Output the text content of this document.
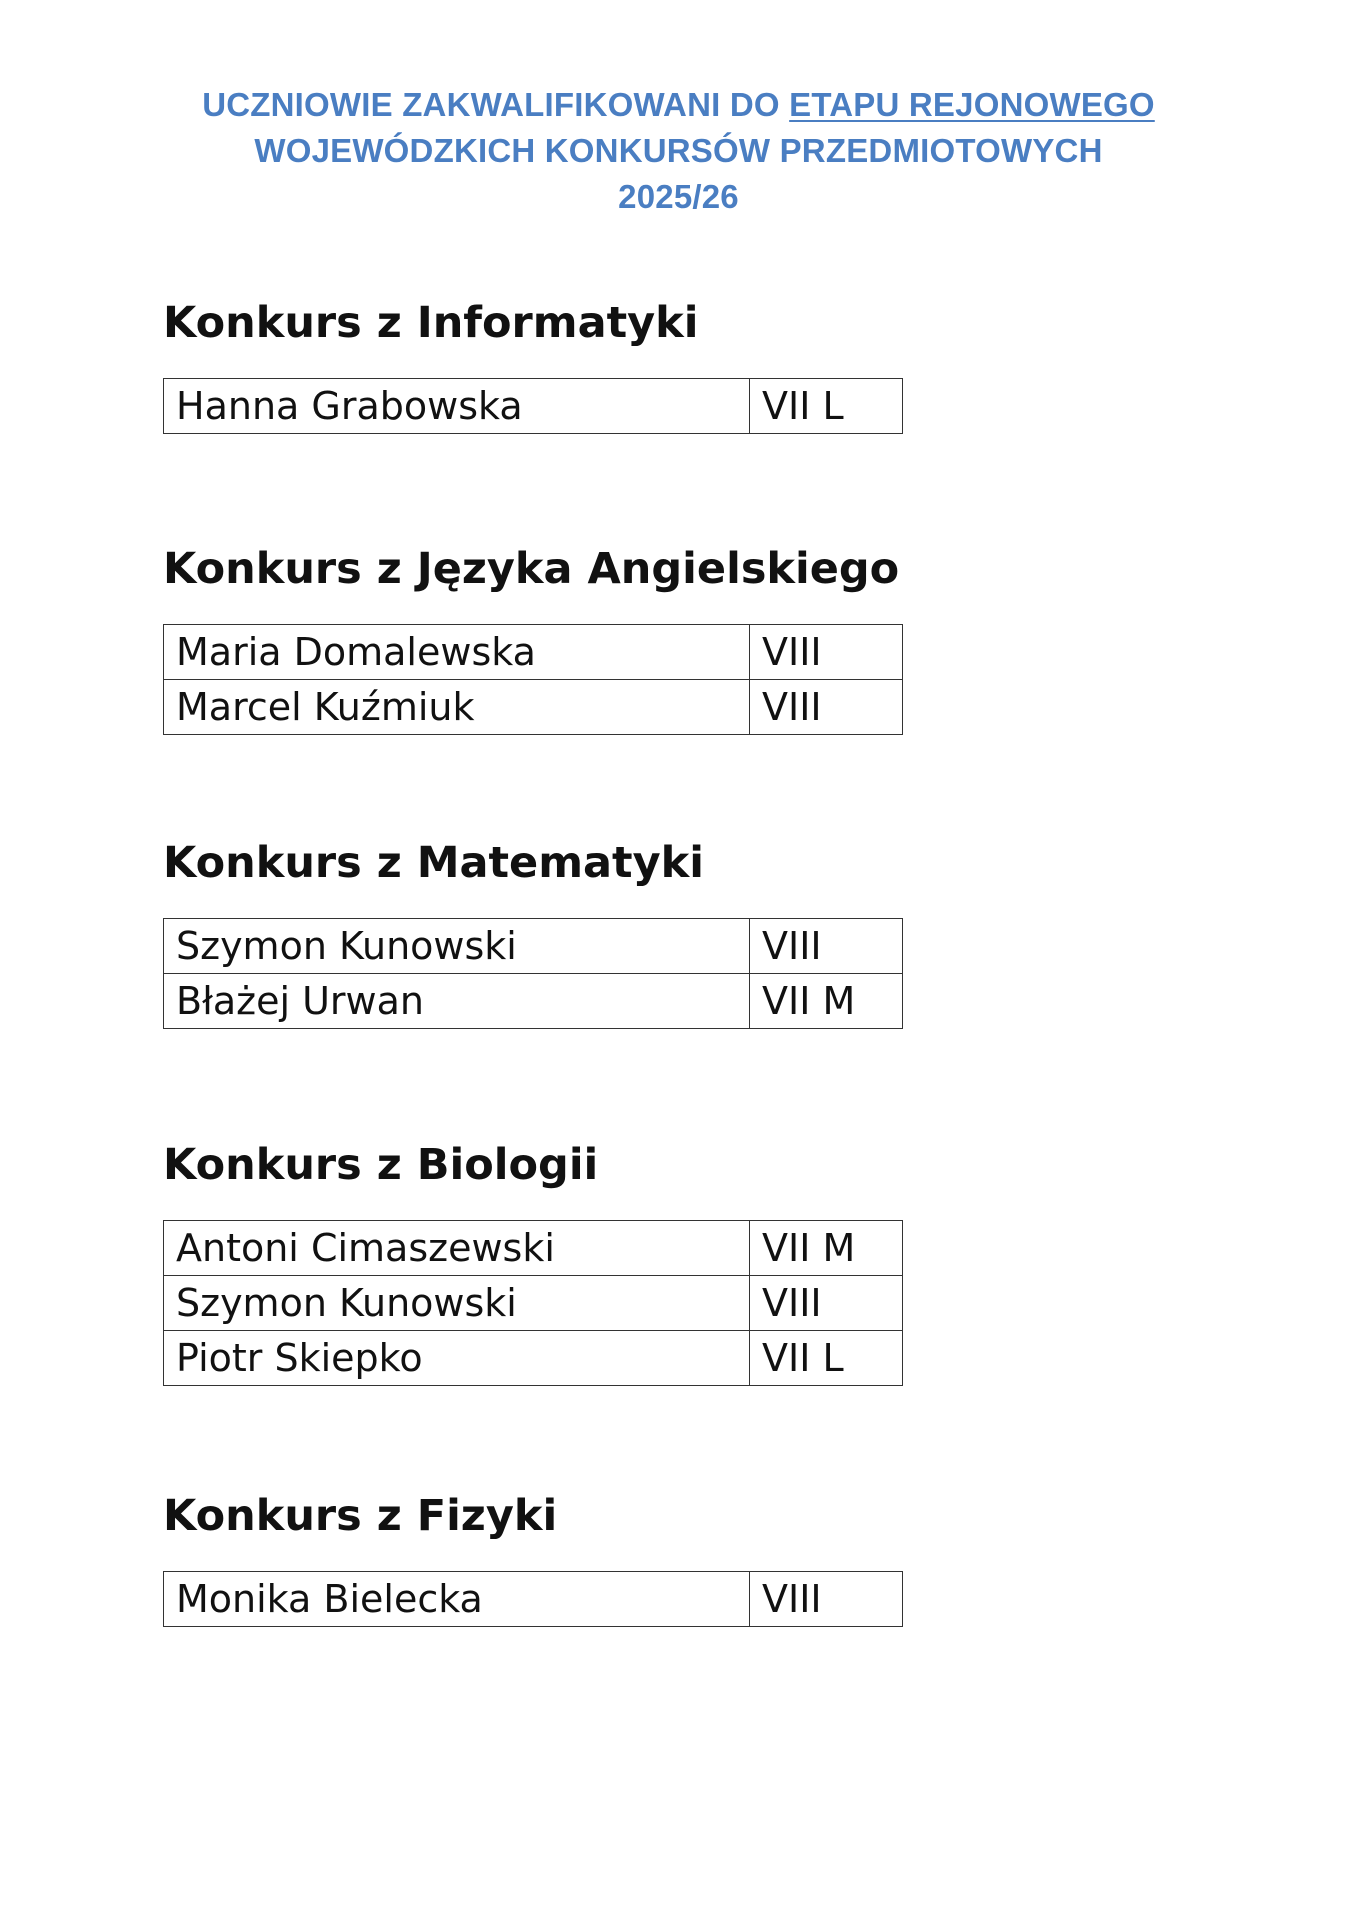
UCZNIOWIE ZAKWALIFIKOWANI DO ETAPU REJONOWEGO
WOJEWÓDZKICH KONKURSÓW PRZEDMIOTOWYCH
2025/26
Konkurs z Informatyki
Hanna Grabowska	VII L
Konkurs z Języka Angielskiego
Maria Domalewska	VIII
Marcel Kuźmiuk	VIII
Konkurs z Matematyki
Szymon Kunowski	VIII
Błażej Urwan	VII M
Konkurs z Biologii
Antoni Cimaszewski	VII M
Szymon Kunowski	VIII
Piotr Skiepko	VII L
Konkurs z Fizyki
Monika Bielecka	VIII
